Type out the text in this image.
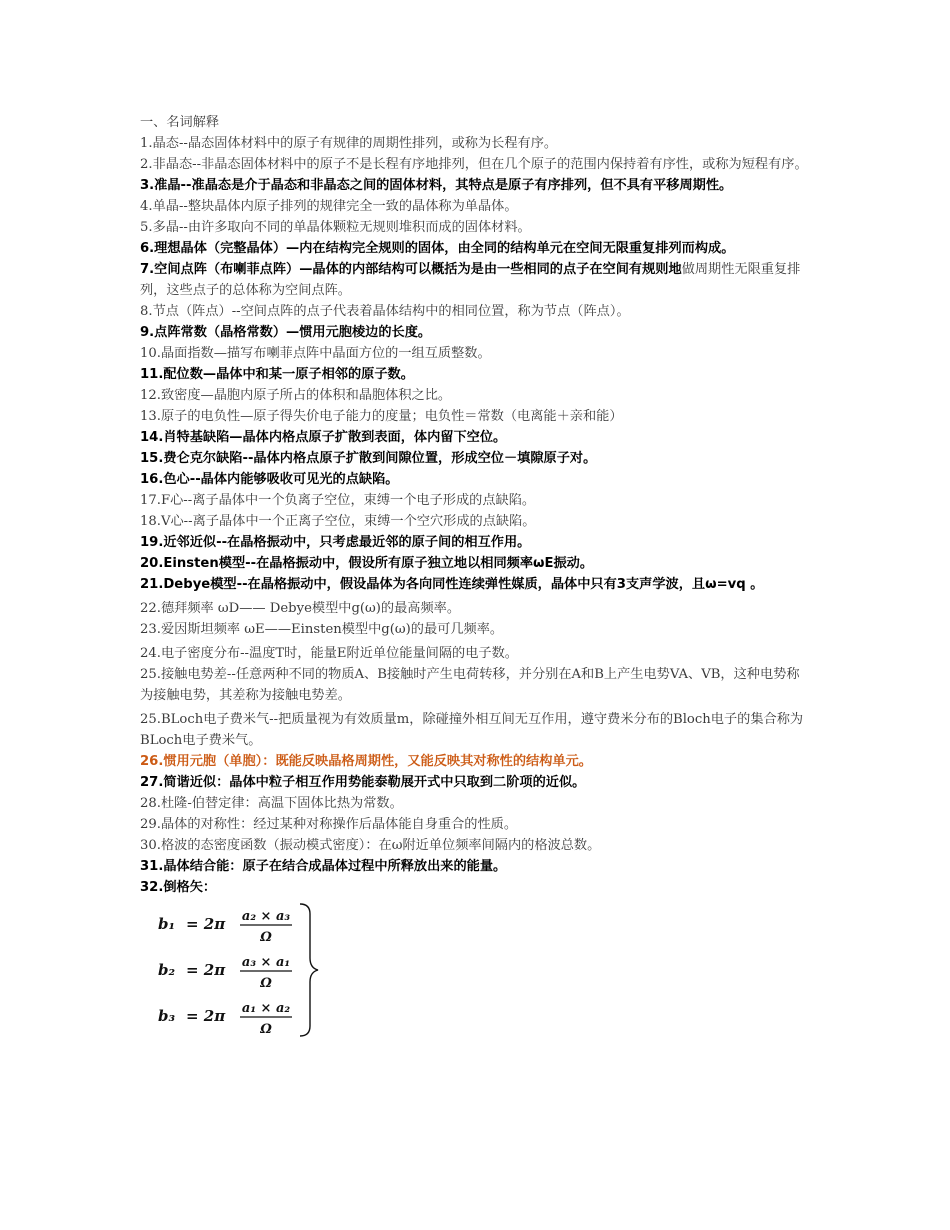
一、名词解释

1.晶态--晶态固体材料中的原子有规律的周期性排列，或称为长程有序。

2.非晶态--非晶态固体材料中的原子不是长程有序地排列，但在几个原子的范围内保持着有序性，或称为短程有序。

3.准晶--准晶态是介于晶态和非晶态之间的固体材料，其特点是原子有序排列，但不具有平移周期性。

4.单晶--整块晶体内原子排列的规律完全一致的晶体称为单晶体。

5.多晶--由许多取向不同的单晶体颗粒无规则堆积而成的固体材料。

6.理想晶体（完整晶体）—内在结构完全规则的固体，由全同的结构单元在空间无限重复排列而构成。

7.空间点阵（布喇菲点阵）—晶体的内部结构可以概括为是由一些相同的点子在空间有规则地做周期性无限重复排列，这些点子的总体称为空间点阵。

8.节点（阵点）--空间点阵的点子代表着晶体结构中的相同位置，称为节点（阵点）。

9.点阵常数（晶格常数）—惯用元胞棱边的长度。

10.晶面指数—描写布喇菲点阵中晶面方位的一组互质整数。

11.配位数—晶体中和某一原子相邻的原子数。

12.致密度—晶胞内原子所占的体积和晶胞体积之比。

13.原子的电负性—原子得失价电子能力的度量；电负性＝常数（电离能＋亲和能）

14.肖特基缺陷—晶体内格点原子扩散到表面，体内留下空位。

15.费仑克尔缺陷--晶体内格点原子扩散到间隙位置，形成空位－填隙原子对。

16.色心--晶体内能够吸收可见光的点缺陷。

17.F心--离子晶体中一个负离子空位，束缚一个电子形成的点缺陷。

18.V心--离子晶体中一个正离子空位，束缚一个空穴形成的点缺陷。

19.近邻近似--在晶格振动中，只考虑最近邻的原子间的相互作用。

20.Einsten模型--在晶格振动中，假设所有原子独立地以相同频率ωE振动。

21.Debye模型--在晶格振动中，假设晶体为各向同性连续弹性媒质，晶体中只有3支声学波，且ω=vq 。

22.德拜频率 ωD—— Debye模型中g(ω)的最高频率。

23.爱因斯坦频率 ωE——Einsten模型中g(ω)的最可几频率。

24.电子密度分布--温度T时，能量E附近单位能量间隔的电子数。

25.接触电势差--任意两种不同的物质A、B接触时产生电荷转移，并分别在A和B上产生电势VA、VB，这种电势称为接触电势，其差称为接触电势差。

25.BLoch电子费米气--把质量视为有效质量m，除碰撞外相互间无互作用，遵守费米分布的Bloch电子的集合称为BLoch电子费米气。

26.惯用元胞（单胞）：既能反映晶格周期性，又能反映其对称性的结构单元。

27.简谐近似：晶体中粒子相互作用势能泰勒展开式中只取到二阶项的近似。

28.杜隆-伯替定律：高温下固体比热为常数。

29.晶体的对称性：经过某种对称操作后晶体能自身重合的性质。

30.格波的态密度函数（振动模式密度）：在ω附近单位频率间隔内的格波总数。

31.晶体结合能：原子在结合成晶体过程中所释放出来的能量。

32.倒格矢：

b₁ = 2π a₂ × a₃
Ω
b₂ = 2π a₃ × a₁
Ω
b₃ = 2π a₁ × a₂
Ω
